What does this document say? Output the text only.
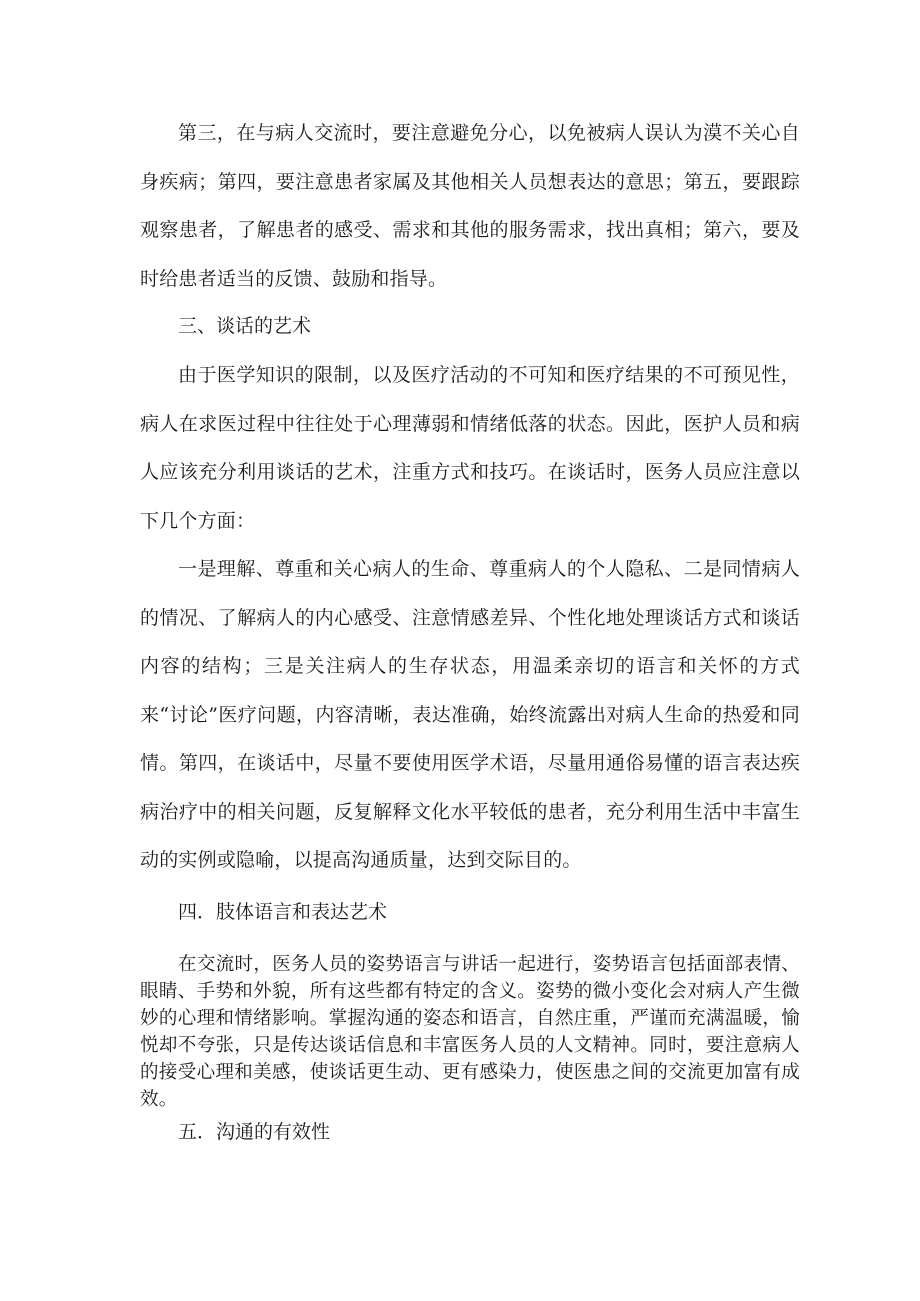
第三，在与病人交流时，要注意避免分心，以免被病人误认为漠不关心自身疾病；第四，要注意患者家属及其他相关人员想表达的意思；第五，要跟踪观察患者，了解患者的感受、需求和其他的服务需求，找出真相；第六，要及时给患者适当的反馈、鼓励和指导。

三、谈话的艺术

由于医学知识的限制，以及医疗活动的不可知和医疗结果的不可预见性，病人在求医过程中往往处于心理薄弱和情绪低落的状态。因此，医护人员和病人应该充分利用谈话的艺术，注重方式和技巧。在谈话时，医务人员应注意以下几个方面：

一是理解、尊重和关心病人的生命、尊重病人的个人隐私、二是同情病人的情况、了解病人的内心感受、注意情感差异、个性化地处理谈话方式和谈话内容的结构；三是关注病人的生存状态，用温柔亲切的语言和关怀的方式来“讨论”医疗问题，内容清晰，表达准确，始终流露出对病人生命的热爱和同情。第四，在谈话中，尽量不要使用医学术语，尽量用通俗易懂的语言表达疾病治疗中的相关问题，反复解释文化水平较低的患者，充分利用生活中丰富生动的实例或隐喻，以提高沟通质量，达到交际目的。

四．肢体语言和表达艺术

在交流时，医务人员的姿势语言与讲话一起进行，姿势语言包括面部表情、眼睛、手势和外貌，所有这些都有特定的含义。姿势的微小变化会对病人产生微妙的心理和情绪影响。掌握沟通的姿态和语言，自然庄重，严谨而充满温暖，愉悦却不夸张，只是传达谈话信息和丰富医务人员的人文精神。同时，要注意病人的接受心理和美感，使谈话更生动、更有感染力，使医患之间的交流更加富有成效。

五．沟通的有效性
